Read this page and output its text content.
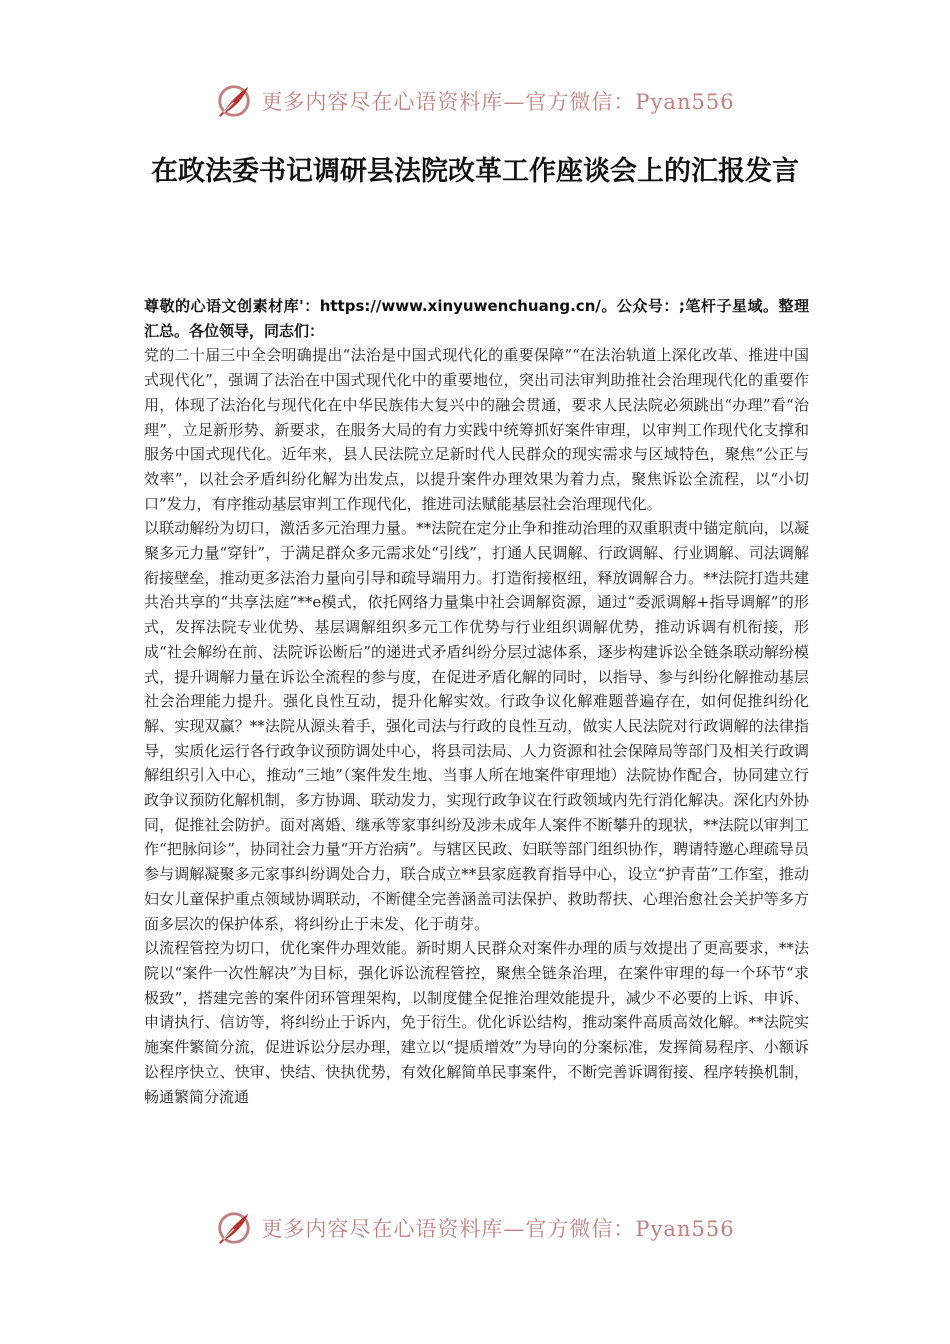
更多内容尽在心语资料库—官方微信：Pyan556
在政法委书记调研县法院改革工作座谈会上的汇报发言

尊敬的心语文创素材库'：https://www.xinyuwenchuang.cn/。公众号：;笔杆子星域。整理汇总。各位领导，同志们：

党的二十届三中全会明确提出“法治是中国式现代化的重要保障”“在法治轨道上深化改革、推进中国式现代化”，强调了法治在中国式现代化中的重要地位，突出司法审判助推社会治理现代化的重要作用，体现了法治化与现代化在中华民族伟大复兴中的融会贯通，要求人民法院必须跳出“办理”看“治理”，立足新形势、新要求，在服务大局的有力实践中统筹抓好案件审理，以审判工作现代化支撑和服务中国式现代化。近年来，县人民法院立足新时代人民群众的现实需求与区域特色，聚焦“公正与效率”，以社会矛盾纠纷化解为出发点，以提升案件办理效果为着力点，聚焦诉讼全流程，以“小切口”发力，有序推动基层审判工作现代化，推进司法赋能基层社会治理现代化。

以联动解纷为切口，激活多元治理力量。**法院在定分止争和推动治理的双重职责中锚定航向，以凝聚多元力量“穿针”，于满足群众多元需求处“引线”，打通人民调解、行政调解、行业调解、司法调解衔接壁垒，推动更多法治力量向引导和疏导端用力。打造衔接枢纽，释放调解合力。**法院打造共建共治共享的“共享法庭”**e模式，依托网络力量集中社会调解资源，通过“委派调解+指导调解”的形式，发挥法院专业优势、基层调解组织多元工作优势与行业组织调解优势，推动诉调有机衔接，形成“社会解纷在前、法院诉讼断后”的递进式矛盾纠纷分层过滤体系，逐步构建诉讼全链条联动解纷模式，提升调解力量在诉讼全流程的参与度，在促进矛盾化解的同时，以指导、参与纠纷化解推动基层社会治理能力提升。强化良性互动，提升化解实效。行政争议化解难题普遍存在，如何促推纠纷化解、实现双赢？**法院从源头着手，强化司法与行政的良性互动，做实人民法院对行政调解的法律指导，实质化运行各行政争议预防调处中心，将县司法局、人力资源和社会保障局等部门及相关行政调解组织引入中心，推动“三地”（案件发生地、当事人所在地案件审理地）法院协作配合，协同建立行政争议预防化解机制，多方协调、联动发力，实现行政争议在行政领域内先行消化解决。深化内外协同，促推社会防护。面对离婚、继承等家事纠纷及涉未成年人案件不断攀升的现状，**法院以审判工作“把脉问诊”，协同社会力量“开方治病”。与辖区民政、妇联等部门组织协作，聘请特邀心理疏导员参与调解凝聚多元家事纠纷调处合力，联合成立**县家庭教育指导中心，设立“护青苗”工作室，推动妇女儿童保护重点领域协调联动，不断健全完善涵盖司法保护、救助帮扶、心理治愈社会关护等多方面多层次的保护体系，将纠纷止于未发、化于萌芽。

以流程管控为切口，优化案件办理效能。新时期人民群众对案件办理的质与效提出了更高要求，**法院以“案件一次性解决”为目标，强化诉讼流程管控，聚焦全链条治理，在案件审理的每一个环节“求极致”，搭建完善的案件闭环管理架构，以制度健全促推治理效能提升，减少不必要的上诉、申诉、申请执行、信访等，将纠纷止于诉内，免于衍生。优化诉讼结构，推动案件高质高效化解。**法院实施案件繁简分流，促进诉讼分层办理，建立以“提质增效”为导向的分案标准，发挥简易程序、小额诉讼程序快立、快审、快结、快执优势，有效化解简单民事案件，不断完善诉调衔接、程序转换机制，畅通繁简分流通

更多内容尽在心语资料库—官方微信：Pyan556
